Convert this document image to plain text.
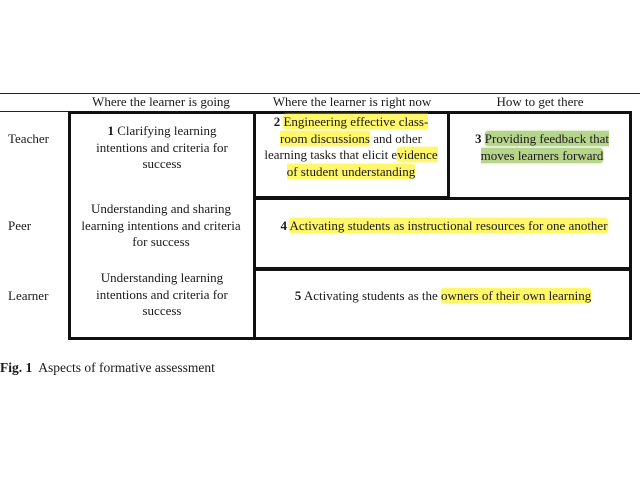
Where the learner is going	Where the learner is right now	How to get there
Teacher
Peer
Learner
1 Clarifying learning intentions and criteria for success
Understanding and sharing learning intentions and criteria for success
Understanding learning intentions and criteria for success
2 Engineering effective class-room discussions and other learning tasks that elicit evidence of student understanding
3 Providing feedback that moves learners forward
4 Activating students as instructional resources for one another
5 Activating students as the owners of their own learning
Fig. 1 Aspects of formative assessment
